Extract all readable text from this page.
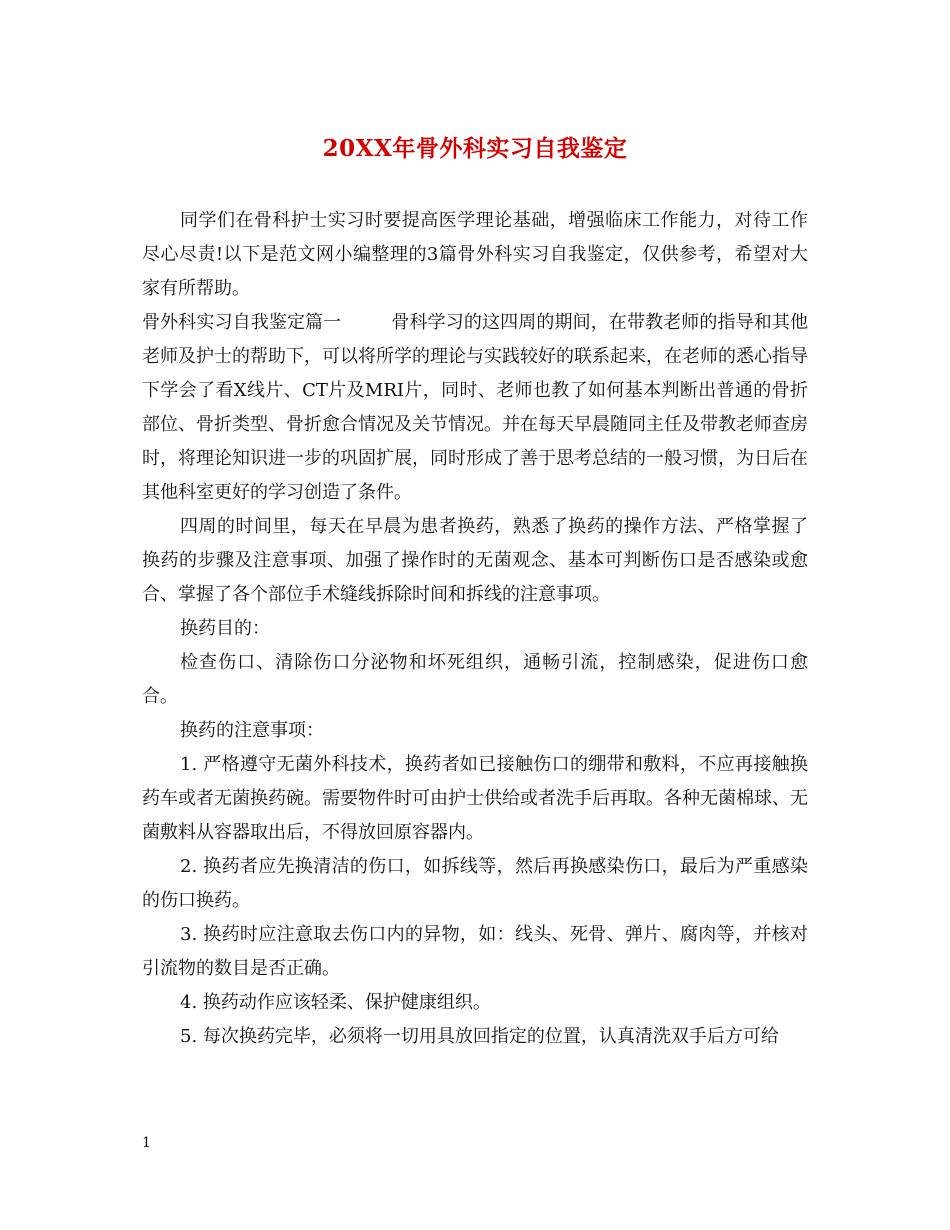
20XX年骨外科实习自我鉴定

同学们在骨科护士实习时要提高医学理论基础，增强临床工作能力，对待工作尽心尽责!以下是范文网小编整理的3篇骨外科实习自我鉴定，仅供参考，希望对大家有所帮助。

骨外科实习自我鉴定篇一	骨科学习的这四周的期间，在带教老师的指导和其他老师及护士的帮助下，可以将所学的理论与实践较好的联系起来，在老师的悉心指导下学会了看X线片、CT片及MRI片，同时、老师也教了如何基本判断出普通的骨折部位、骨折类型、骨折愈合情况及关节情况。并在每天早晨随同主任及带教老师查房时，将理论知识进一步的巩固扩展，同时形成了善于思考总结的一般习惯，为日后在其他科室更好的学习创造了条件。

四周的时间里，每天在早晨为患者换药，熟悉了换药的操作方法、严格掌握了换药的步骤及注意事项、加强了操作时的无菌观念、基本可判断伤口是否感染或愈合、掌握了各个部位手术缝线拆除时间和拆线的注意事项。

换药目的：

检查伤口、清除伤口分泌物和坏死组织，通畅引流，控制感染，促进伤口愈合。

换药的注意事项：

1. 严格遵守无菌外科技术，换药者如已接触伤口的绷带和敷料，不应再接触换药车或者无菌换药碗。需要物件时可由护士供给或者洗手后再取。各种无菌棉球、无菌敷料从容器取出后，不得放回原容器内。

2. 换药者应先换清洁的伤口，如拆线等，然后再换感染伤口，最后为严重感染的伤口换药。

3. 换药时应注意取去伤口内的异物，如：线头、死骨、弹片、腐肉等，并核对引流物的数目是否正确。

4. 换药动作应该轻柔、保护健康组织。

5. 每次换药完毕，必须将一切用具放回指定的位置，认真清洗双手后方可给

1
